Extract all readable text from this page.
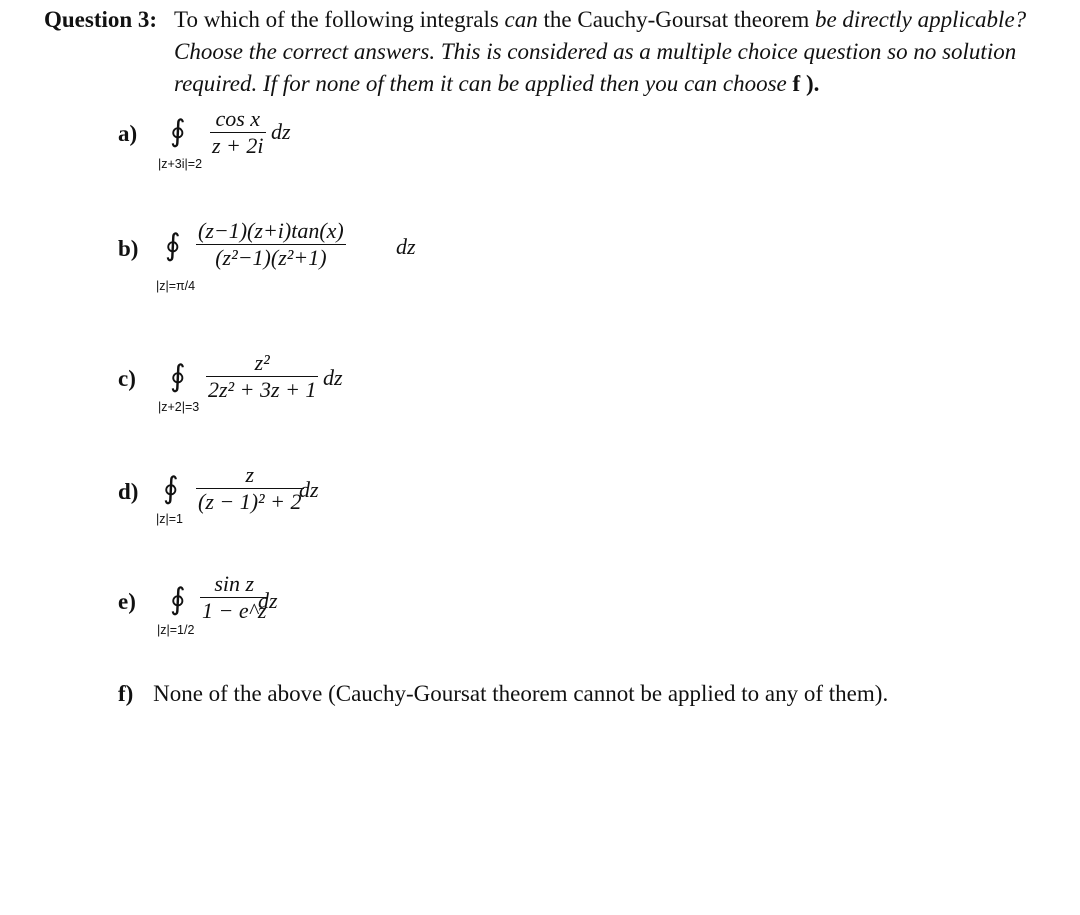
Question 3: To which of the following integrals can the Cauchy-Goursat theorem be directly applicable? Choose the correct answers. This is considered as a multiple choice question so no solution required. If for none of them it can be applied then you can choose f ).
a) ∮
|z+3i|=2
cos x
z + 2i
dz
b) ∮
|z|=π/4
(z−1)(z+i)tan(x)
(z²−1)(z²+1)	dz
c) ∮
|z+2|=3
z²
2z² + 3z + 1 dz
d) ∮
|z|=1
z
(z − 1)² + 2
dz
e) ∮
|z|=1/2
sin z
1 − e^z
dz
f) None of the above (Cauchy-Goursat theorem cannot be applied to any of them).
